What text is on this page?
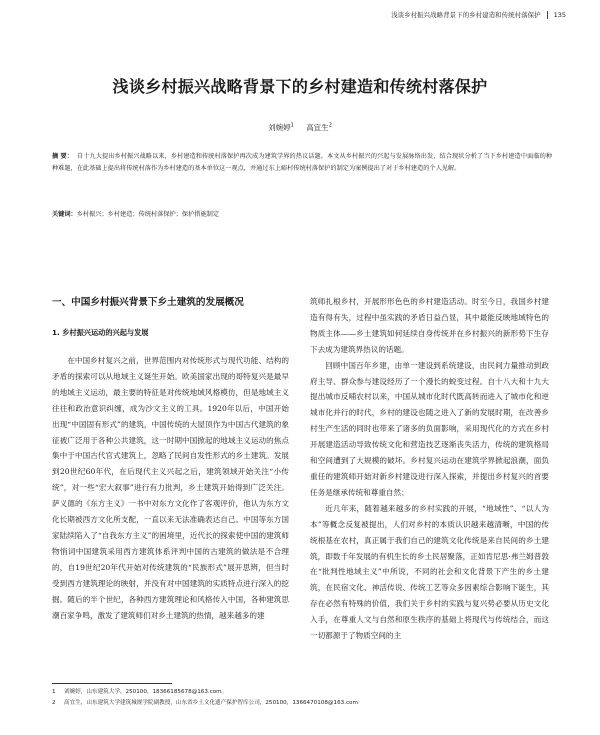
浅谈乡村振兴战略背景下的乡村建造和传统村落保护 135
浅谈乡村振兴战略背景下的乡村建造和传统村落保护
刘婉婷$^1$ 高宜生$^2$
摘 要： 自十九大提出乡村振兴战略以来，乡村建造和传统村落保护再次成为建筑学界的热议话题。本文从乡村振兴的兴起与发展脉络出发，结合现状分析了当下乡村建造中面临的种种难题，在此基础上提出将传统村落作为乡村建造的基本单位这一观点，并通过东上峪村传统村落保护的制定为案例提出了对于乡村建造的个人见解。
关键词：乡村振兴；乡村建造；传统村落保护；保护措施制定
一、中国乡村振兴背景下乡土建筑的发展概况
1. 乡村振兴运动的兴起与发展

在中国乡村复兴之前，世界范围内对传统形式与现代功能、结构的矛盾的探索可以从地域主义诞生开始。欧美国家出现的哥特复兴是最早的地域主义运动，最主要的特征是对传统地域风格模仿，但是地域主义往往和政治意识纠缠，成为沙文主义的工具。1920年以后，中国开始出现“中国固有形式”的建筑，中国传统的大屋顶作为中国古代建筑的象征被广泛用于各种公共建筑，这一时期中国掀起的地域主义运动的焦点集中于中国古代官式建筑上，忽略了民间自发性形式的乡土建筑。发展到20世纪60年代，在后现代主义兴起之后，建筑领域开始关注“小传统”，对一些“宏大叙事”进行有力批判，乡土建筑开始得到广泛关注。萨义德的《东方主义》一书中对东方文化作了客观评价，他认为东方文化长期被西方文化所支配，一直以来无法准确表达自己。中国等东方国家陆续陷入了“自我东方主义”的困境里，近代长的探索使中国的建筑师物悄词中国建筑采用西方建筑体系评判中国的古建筑的做法是不合理的，自19世纪20年代开始对传统建筑的“民族形式”展开思辨，但当时受到西方建筑理论的映射，并没有对中国建筑的实质特点进行深入的挖掘。随后的半个世纪，各种西方建筑理论和风格传入中国，各种建筑思潮百家争鸣，激发了建筑师们对乡土建筑的热情，越来越多的建

筑师扎根乡村，开展形形色色的乡村建造活动。时至今日，我国乡村建造有得有失，过程中虽实践的矛盾日益凸显，其中最能反映地域特色的物质主体——乡土建筑如何延续自身传统并在乡村振兴的新形势下生存下去成为建筑界热议的话题。

回顾中国百年乡建，由单一建设到系统建设，由民间力量推动到政府主导、群众参与建设经历了一个漫长的蜕变过程。自十八大和十九大提出城市反哺农村以来，中国从城市化时代既高转而进入了城市化和逆城市化并行的时代，乡村的建设也随之进入了新的发展时期，在改善乡村生产生活的同时也带来了诸多的负面影响，采用现代化的方式在乡村开展建造活动导致传统文化和营造技艺逐渐丧失活力，传统的建筑格局和空间遭到了大规模的破坏。乡村复兴运动在建筑学界掀起浪潮，面负重任的建筑师开始对新乡村建设进行深入探索，并提出乡村复兴的首要任务是继承传统和尊重自然；

近几年来，随着越来越多的乡村实践的开展，“地域性”、“以人为本”等概念反复被提出，人们对乡村的本质认识越来越清晰，中国的传统根基在农村，真正属于我们自己的建筑文化传统是来自民间的乡土建筑，即数千年发展的有机生长的乡土民居聚落，正如肯尼思·弗兰姆普敦在“批判性地域主义”中所说，不同的社会和文化背景下产生的乡土建筑，在民宿文化、神活传说、传统工艺等众多因素综合影响下诞生，其存在必然有特殊的价值，我们关于乡村的实践与复兴势必要从历史文化入手，在尊重人文与自然和原生秩序的基础上将现代与传统结合，而这一切都源于了物质空间的主

1 刘婉婷，山东建筑大学，250100，18366185678@163.com。
2 高宜生，山东建筑大学建筑城规学院副教授，山东省乡土文化遗产保护智库公司，250100，1366470108@163.com
